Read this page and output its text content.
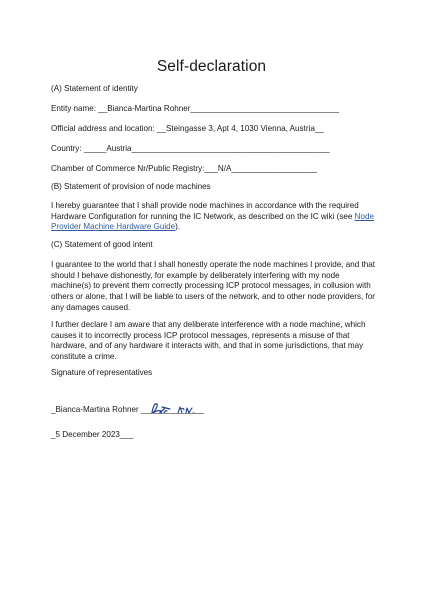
Self-declaration
(A) Statement of identity
Entity name: __Bianca-Martina Rohner_________________________________
Official address and location: __Steingasse 3, Apt 4, 1030 Vienna, Austria__
Country: _____Austria____________________________________________
Chamber of Commerce Nr/Public Registry:___N/A___________________
(B) Statement of provision of node machines
I hereby guarantee that I shall provide node machines in accordance with the required Hardware Configuration for running the IC Network, as described on the IC wiki (see Node Provider Machine Hardware Guide).
(C) Statement of good intent
I guarantee to the world that I shall honestly operate the node machines I provide, and that should I behave dishonestly, for example by deliberately interfering with my node machine(s) to prevent them correctly processing ICP protocol messages, in collusion with others or alone, that I will be liable to users of the network, and to other node providers, for any damages caused.
I further declare I am aware that any deliberate interference with a node machine, which causes it to incorrectly process ICP protocol messages, represents a misuse of that hardware, and of any hardware it interacts with, and that in some jurisdictions, that may constitute a crime.
Signature of representatives
_Bianca-Martina Rohner ______________
_5 December 2023___
